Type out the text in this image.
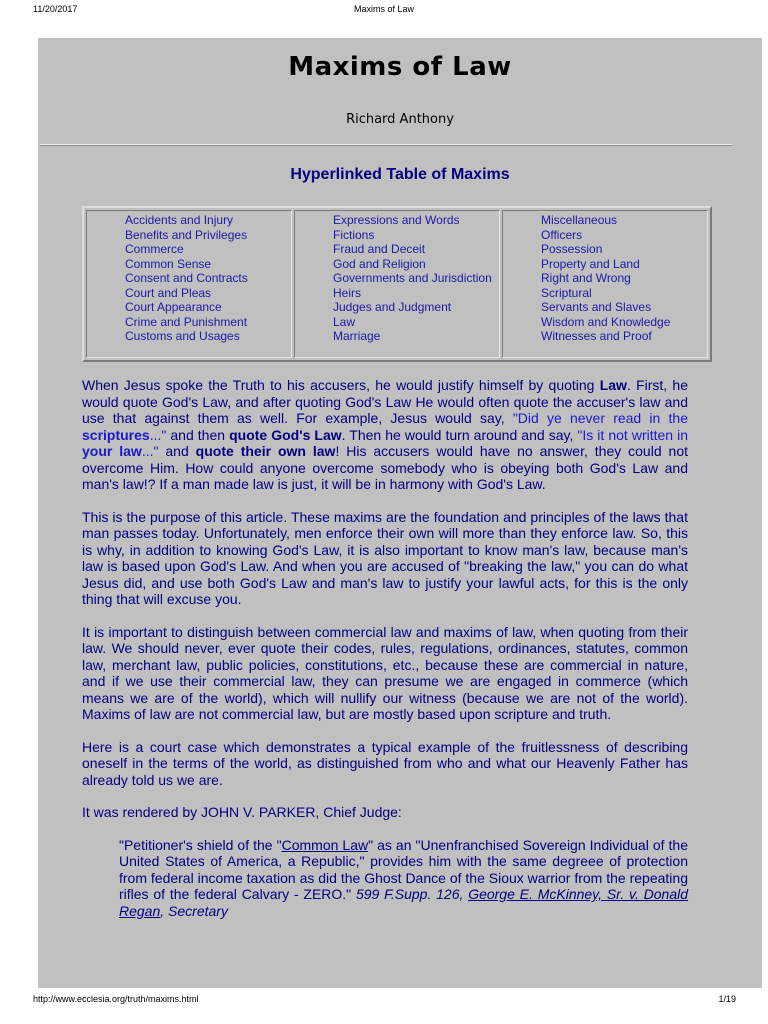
11/20/2017	Maxims of Law
Maxims of Law
Richard Anthony
Hyperlinked Table of Maxims
Accidents and Injury
Benefits and Privileges
Commerce
Common Sense
Consent and Contracts
Court and Pleas
Court Appearance
Crime and Punishment
Customs and Usages
Expressions and Words
Fictions
Fraud and Deceit
God and Religion
Governments and Jurisdiction
Heirs
Judges and Judgment
Law
Marriage
Miscellaneous
Officers
Possession
Property and Land
Right and Wrong
Scriptural
Servants and Slaves
Wisdom and Knowledge
Witnesses and Proof

When Jesus spoke the Truth to his accusers, he would justify himself by quoting Law. First, he would quote God's Law, and after quoting God's Law He would often quote the accuser's law and use that against them as well. For example, Jesus would say, "Did ye never read in the scriptures..." and then quote God's Law. Then he would turn around and say, "Is it not written in your law..." and quote their own law! His accusers would have no answer, they could not overcome Him. How could anyone overcome somebody who is obeying both God's Law and man's law!? If a man made law is just, it will be in harmony with God's Law.

This is the purpose of this article. These maxims are the foundation and principles of the laws that man passes today. Unfortunately, men enforce their own will more than they enforce law. So, this is why, in addition to knowing God's Law, it is also important to know man's law, because man's law is based upon God's Law. And when you are accused of "breaking the law," you can do what Jesus did, and use both God's Law and man's law to justify your lawful acts, for this is the only thing that will excuse you.

It is important to distinguish between commercial law and maxims of law, when quoting from their law. We should never, ever quote their codes, rules, regulations, ordinances, statutes, common law, merchant law, public policies, constitutions, etc., because these are commercial in nature, and if we use their commercial law, they can presume we are engaged in commerce (which means we are of the world), which will nullify our witness (because we are not of the world). Maxims of law are not commercial law, but are mostly based upon scripture and truth.

Here is a court case which demonstrates a typical example of the fruitlessness of describing oneself in the terms of the world, as distinguished from who and what our Heavenly Father has already told us we are.

It was rendered by JOHN V. PARKER, Chief Judge:

"Petitioner's shield of the "Common Law" as an "Unenfranchised Sovereign Individual of the United States of America, a Republic," provides him with the same degreee of protection from federal income taxation as did the Ghost Dance of the Sioux warrior from the repeating rifles of the federal Calvary - ZERO." 599 F.Supp. 126, George E. McKinney, Sr. v. Donald Regan, Secretary

http://www.ecclesia.org/truth/maxims.html	1/19
